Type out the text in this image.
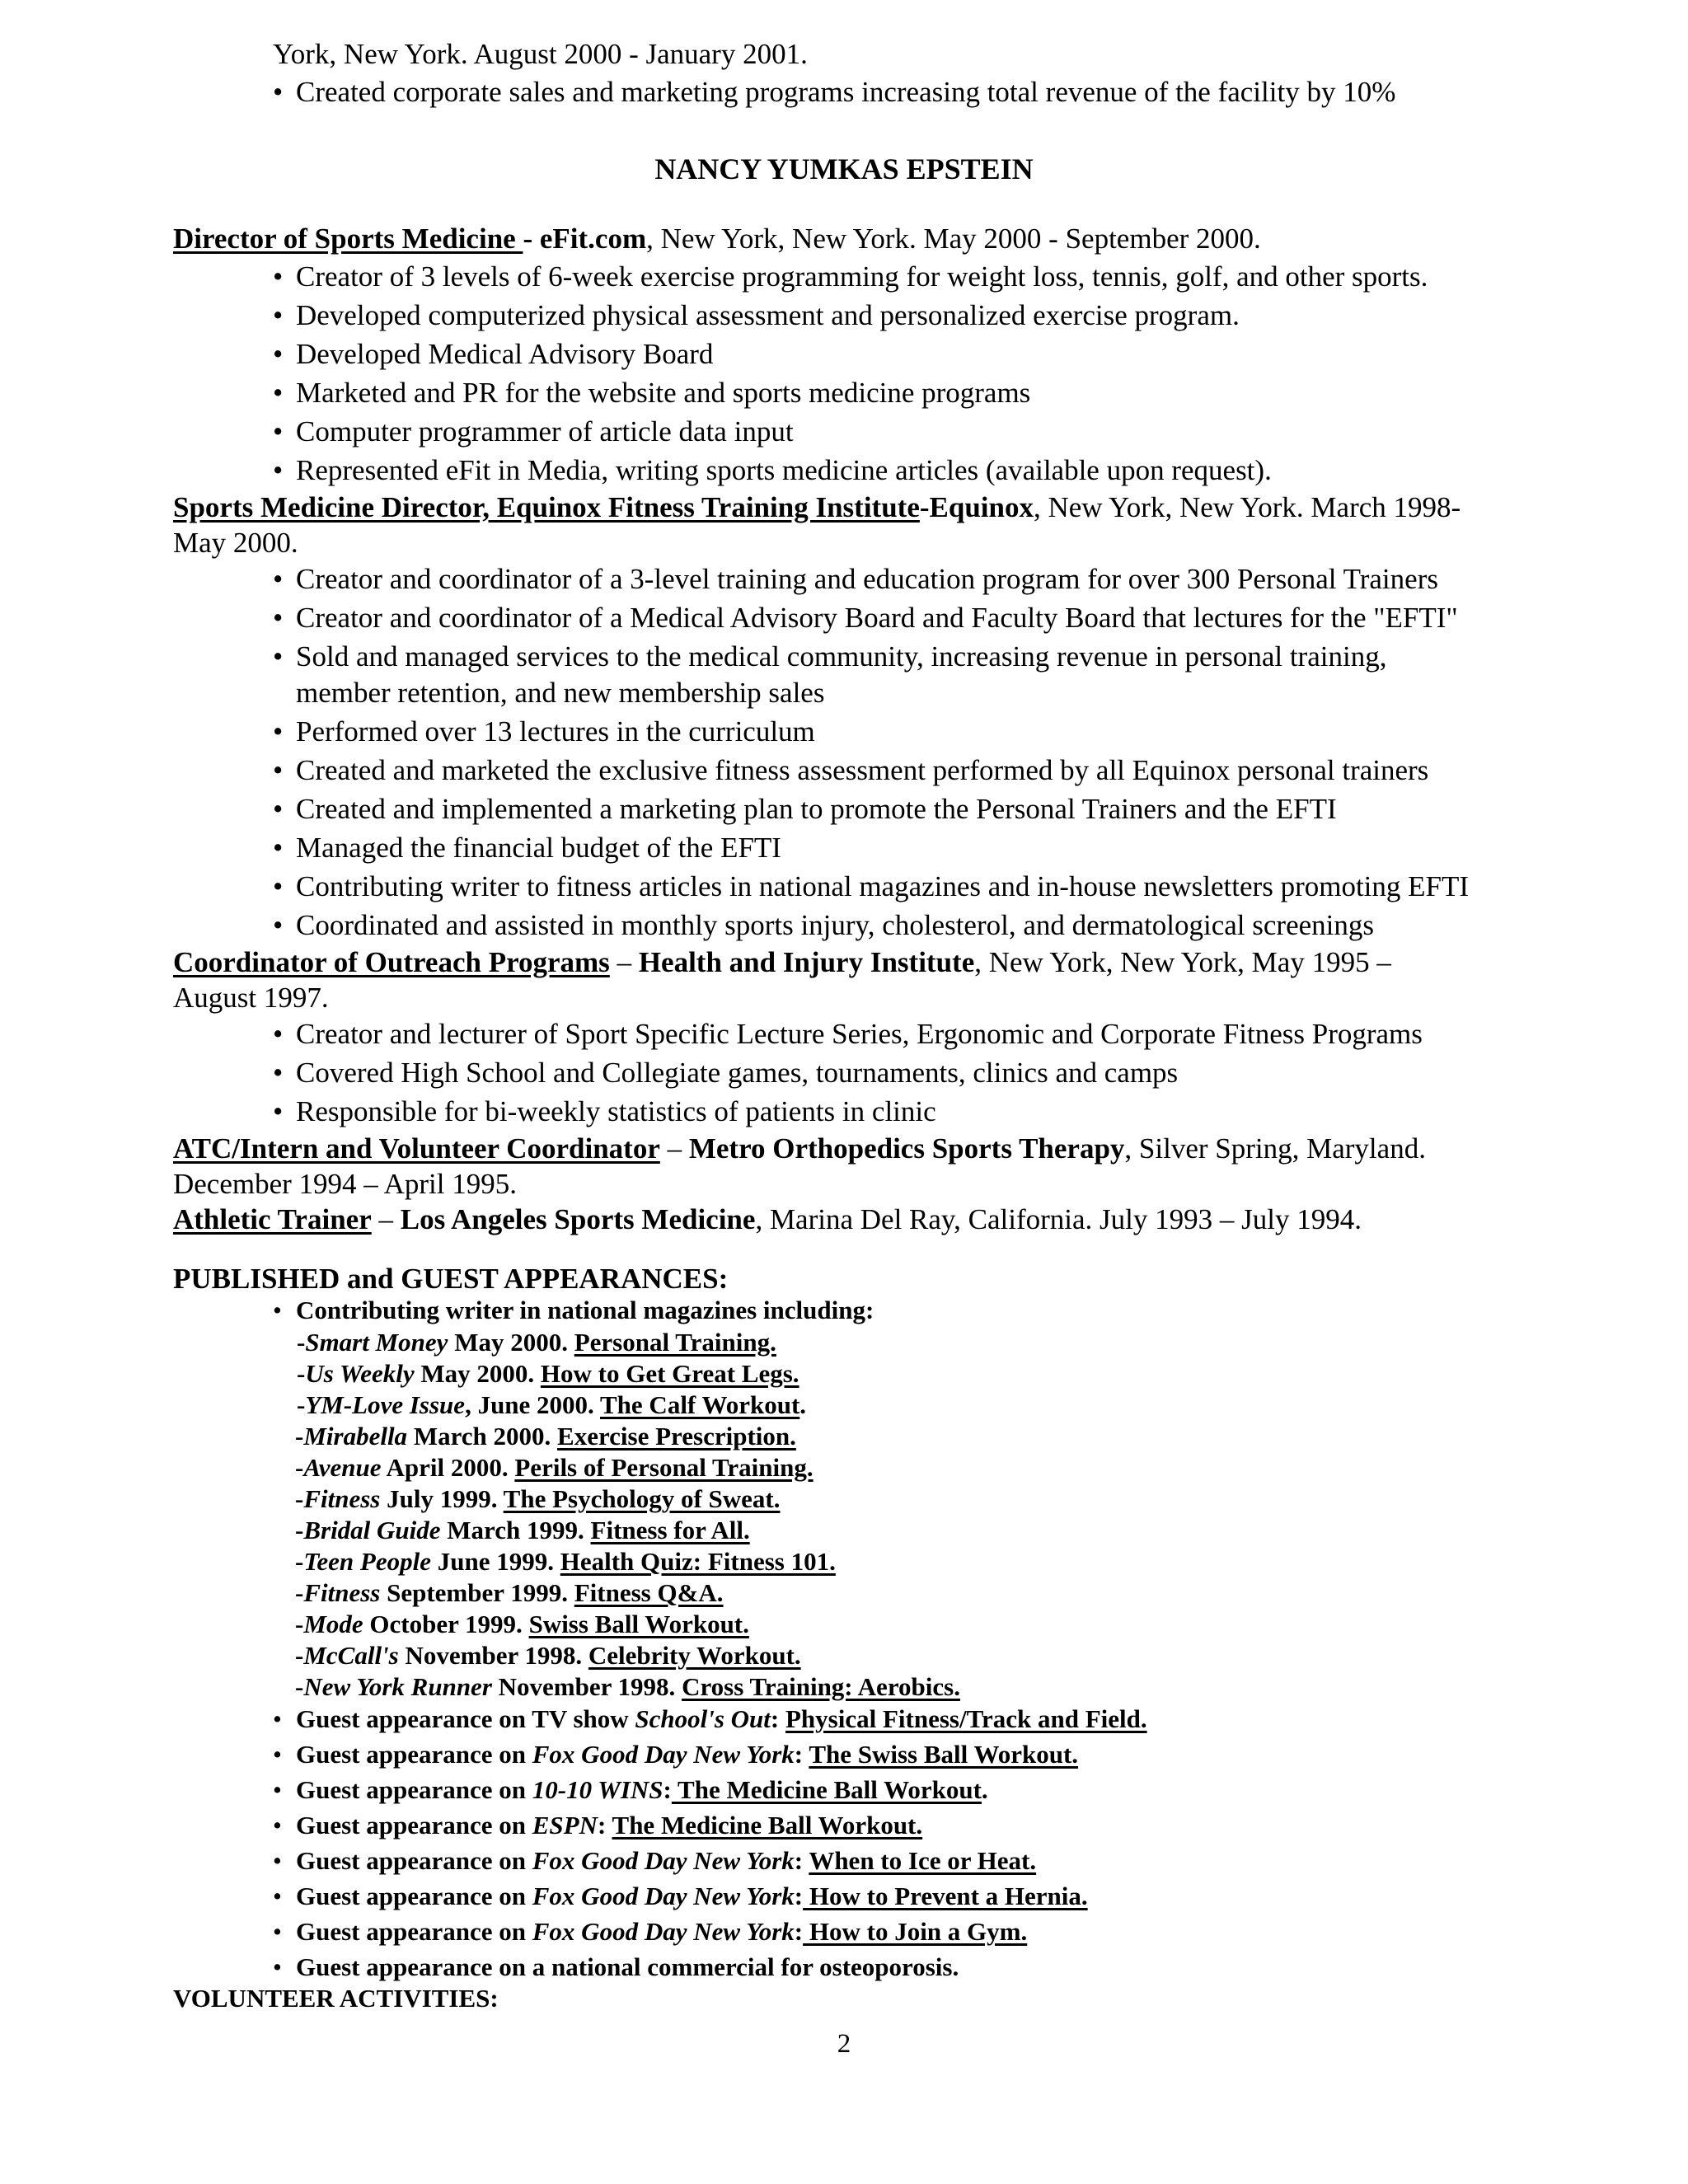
York, New York. August 2000 - January 2001.
• Created corporate sales and marketing programs increasing total revenue of the facility by 10%
NANCY YUMKAS EPSTEIN
Director of Sports Medicine - eFit.com, New York, New York. May 2000 - September 2000.
• Creator of 3 levels of 6-week exercise programming for weight loss, tennis, golf, and other sports.
• Developed computerized physical assessment and personalized exercise program.
• Developed Medical Advisory Board
• Marketed and PR for the website and sports medicine programs
• Computer programmer of article data input
• Represented eFit in Media, writing sports medicine articles (available upon request).
Sports Medicine Director, Equinox Fitness Training Institute-Equinox, New York, New York. March 1998-
May 2000.
• Creator and coordinator of a 3-level training and education program for over 300 Personal Trainers
• Creator and coordinator of a Medical Advisory Board and Faculty Board that lectures for the "EFTI"
• Sold and managed services to the medical community, increasing revenue in personal training,
member retention, and new membership sales
• Performed over 13 lectures in the curriculum
• Created and marketed the exclusive fitness assessment performed by all Equinox personal trainers
• Created and implemented a marketing plan to promote the Personal Trainers and the EFTI
• Managed the financial budget of the EFTI
• Contributing writer to fitness articles in national magazines and in-house newsletters promoting EFTI
• Coordinated and assisted in monthly sports injury, cholesterol, and dermatological screenings
Coordinator of Outreach Programs – Health and Injury Institute, New York, New York, May 1995 –
August 1997.
• Creator and lecturer of Sport Specific Lecture Series, Ergonomic and Corporate Fitness Programs
• Covered High School and Collegiate games, tournaments, clinics and camps
• Responsible for bi-weekly statistics of patients in clinic
ATC/Intern and Volunteer Coordinator – Metro Orthopedics Sports Therapy, Silver Spring, Maryland.
December 1994 – April 1995.
Athletic Trainer – Los Angeles Sports Medicine, Marina Del Ray, California. July 1993 – July 1994.
PUBLISHED and GUEST APPEARANCES:
• Contributing writer in national magazines including:
-Smart Money May 2000. Personal Training.
-Us Weekly May 2000. How to Get Great Legs.
-YM-Love Issue, June 2000. The Calf Workout.
-Mirabella March 2000. Exercise Prescription.
-Avenue April 2000. Perils of Personal Training.
-Fitness July 1999. The Psychology of Sweat.
-Bridal Guide March 1999. Fitness for All.
-Teen People June 1999. Health Quiz: Fitness 101.
-Fitness September 1999. Fitness Q&A.
-Mode October 1999. Swiss Ball Workout.
-McCall's November 1998. Celebrity Workout.
-New York Runner November 1998. Cross Training: Aerobics.
• Guest appearance on TV show School's Out: Physical Fitness/Track and Field.
• Guest appearance on Fox Good Day New York: The Swiss Ball Workout.
• Guest appearance on 10-10 WINS: The Medicine Ball Workout.
• Guest appearance on ESPN: The Medicine Ball Workout.
• Guest appearance on Fox Good Day New York: When to Ice or Heat.
• Guest appearance on Fox Good Day New York: How to Prevent a Hernia.
• Guest appearance on Fox Good Day New York: How to Join a Gym.
• Guest appearance on a national commercial for osteoporosis.
VOLUNTEER ACTIVITIES:
2
